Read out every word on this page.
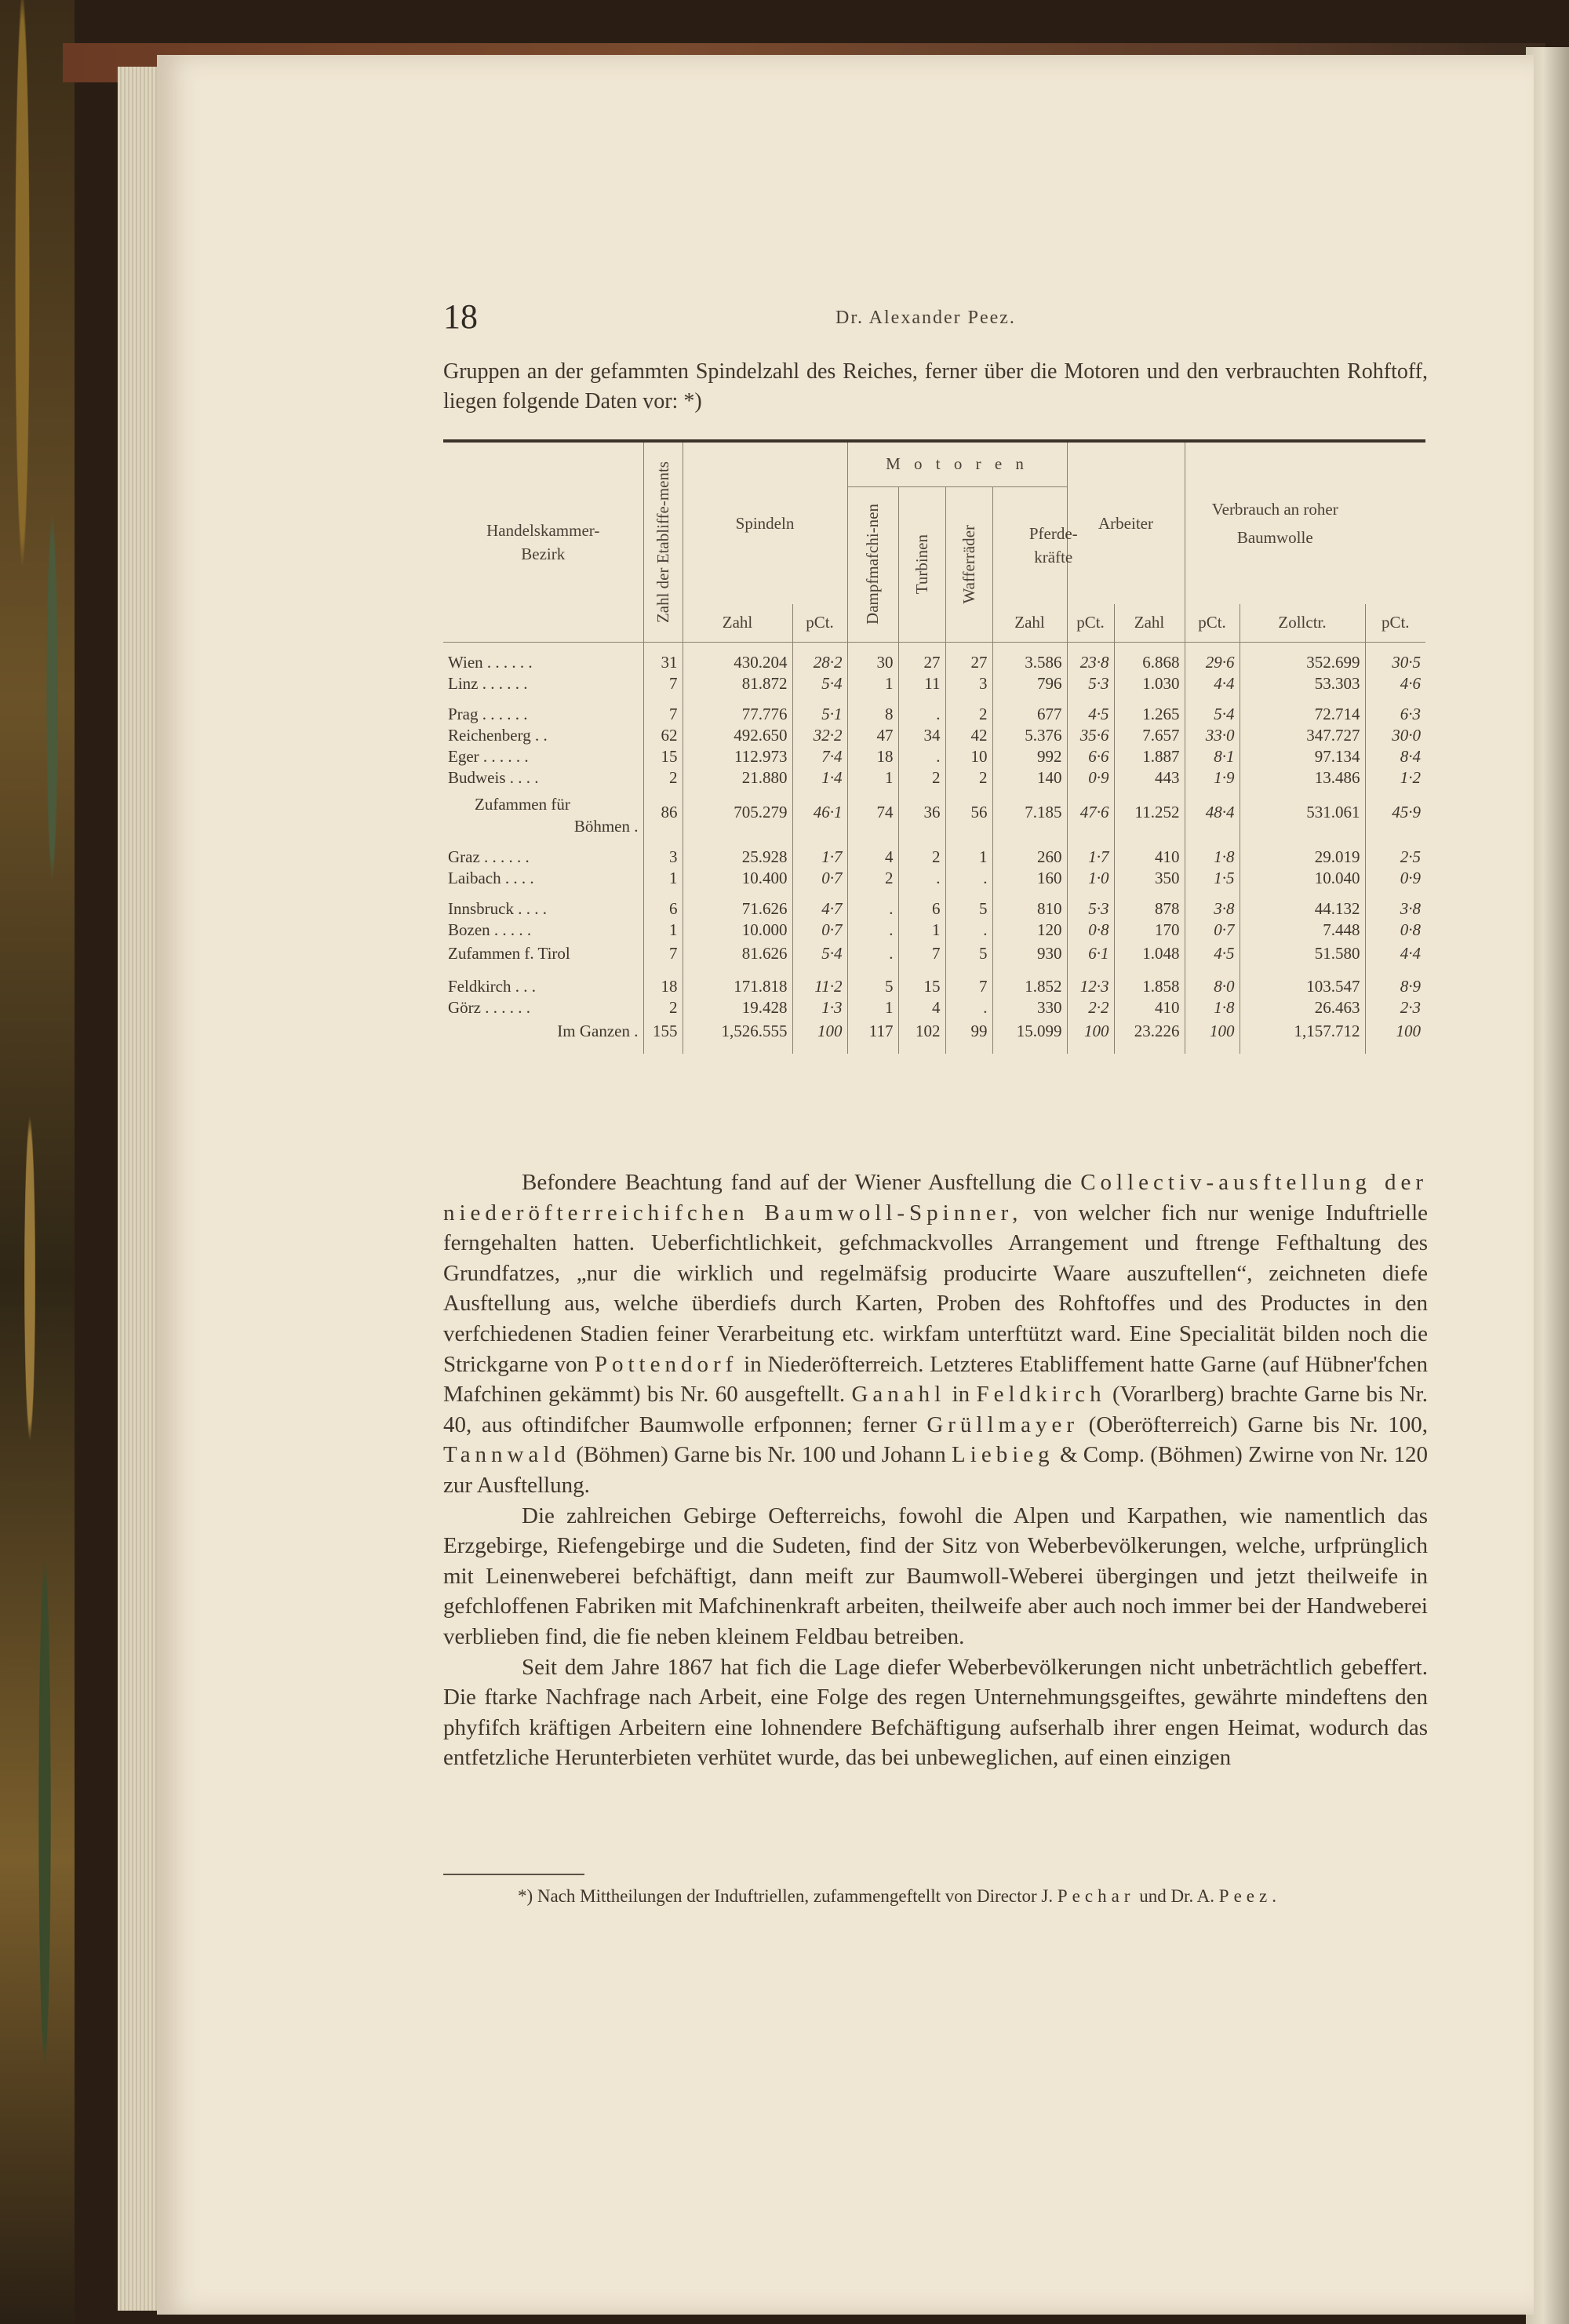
18	Dr. Alexander Peez.
Gruppen an der gefammten Spindelzahl des Reiches, ferner über die Motoren und den verbrauchten Rohftoff, liegen folgende Daten vor: *)

Handelskammer-Bezirk	Zahl der Etabliffe-ments	Spindeln		M o t o r e n				Arbeiter		Verbrauch an roher Baumwolle		

				Dampfmafchi-nen	Turbinen	Wafferräder	Pferde-kräfte					
		Zahl	pCt.				Zahl	pCt.	Zahl	pCt.	Zollctr.	pCt.

Wien . . . . . .	31	430.204	28·2	30	27	27	3.586	23·8	6.868	29·6	352.699	30·5
Linz . . . . . .	7	81.872	5·4	1	11	3	796	5·3	1.030	4·4	53.303	4·6

Prag . . . . . .	7	77.776	5·1	8	.	2	677	4·5	1.265	5·4	72.714	6·3
Reichenberg . .	62	492.650	32·2	47	34	42	5.376	35·6	7.657	33·0	347.727	30·0
Eger . . . . . .	15	112.973	7·4	18	.	10	992	6·6	1.887	8·1	97.134	8·4
Budweis . . . .	2	21.880	1·4	1	2	2	140	0·9	443	1·9	13.486	1·2

Zufammen für
Böhmen .	86	705.279	46·1	74	36	56	7.185	47·6	11.252	48·4	531.061	45·9

Graz . . . . . .	3	25.928	1·7	4	2	1	260	1·7	410	1·8	29.019	2·5
Laibach . . . .	1	10.400	0·7	2	.	.	160	1·0	350	1·5	10.040	0·9

Innsbruck . . . .	6	71.626	4·7	.	6	5	810	5·3	878	3·8	44.132	3·8
Bozen . . . . .	1	10.000	0·7	.	1	.	120	0·8	170	0·7	7.448	0·8
Zufammen f. Tirol	7	81.626	5·4	.	7	5	930	6·1	1.048	4·5	51.580	4·4

Feldkirch . . .	18	171.818	11·2	5	15	7	1.852	12·3	1.858	8·0	103.547	8·9
Görz . . . . . .	2	19.428	1·3	1	4	.	330	2·2	410	1·8	26.463	2·3
Im Ganzen .	155	1,526.555	100	117	102	99	15.099	100	23.226	100	1,157.712	100

Befondere Beachtung fand auf der Wiener Ausftellung die Collectiv-ausftellung der niederöfterreichifchen Baumwoll-Spinner, von welcher fich nur wenige Induftrielle ferngehalten hatten. Ueberfichtlichkeit, gefchmackvolles Arrangement und ftrenge Fefthaltung des Grundfatzes, „nur die wirklich und regelmäfsig producirte Waare auszuftellen“, zeichneten diefe Ausftellung aus, welche überdiefs durch Karten, Proben des Rohftoffes und des Productes in den verfchiedenen Stadien feiner Verarbeitung etc. wirkfam unterftützt ward. Eine Specialität bilden noch die Strickgarne von Pottendorf in Niederöfterreich. Letzteres Etabliffement hatte Garne (auf Hübner'fchen Mafchinen gekämmt) bis Nr. 60 ausgeftellt. Ganahl in Feldkirch (Vorarlberg) brachte Garne bis Nr. 40, aus oftindifcher Baumwolle erfponnen; ferner Grüllmayer (Oberöfterreich) Garne bis Nr. 100, Tannwald (Böhmen) Garne bis Nr. 100 und Johann Liebieg & Comp. (Böhmen) Zwirne von Nr. 120 zur Ausftellung.

Die zahlreichen Gebirge Oefterreichs, fowohl die Alpen und Karpathen, wie namentlich das Erzgebirge, Riefengebirge und die Sudeten, find der Sitz von Weberbevölkerungen, welche, urfprünglich mit Leinenweberei befchäftigt, dann meift zur Baumwoll-Weberei übergingen und jetzt theilweife in gefchloffenen Fabriken mit Mafchinenkraft arbeiten, theilweife aber auch noch immer bei der Handweberei verblieben find, die fie neben kleinem Feldbau betreiben.

Seit dem Jahre 1867 hat fich die Lage diefer Weberbevölkerungen nicht unbeträchtlich gebeffert. Die ftarke Nachfrage nach Arbeit, eine Folge des regen Unternehmungsgeiftes, gewährte mindeftens den phyfifch kräftigen Arbeitern eine lohnendere Befchäftigung aufserhalb ihrer engen Heimat, wodurch das entfetzliche Herunterbieten verhütet wurde, das bei unbeweglichen, auf einen einzigen

*) Nach Mittheilungen der Induftriellen, zufammengeftellt von Director J. Pechar und Dr. A. Peez.
